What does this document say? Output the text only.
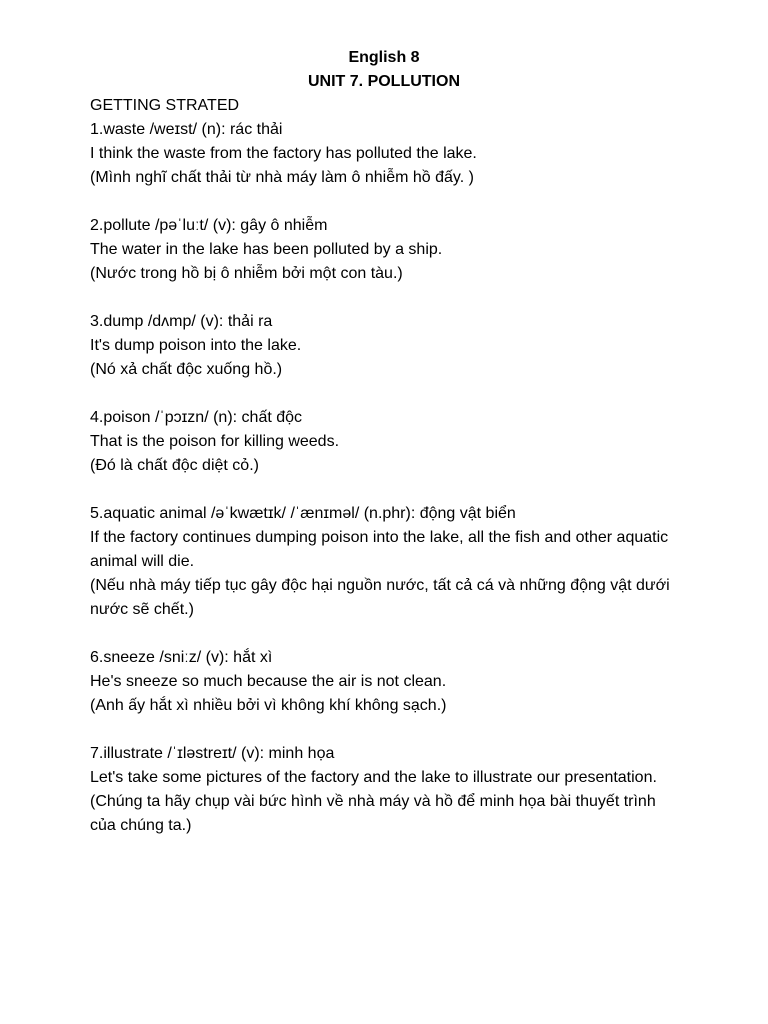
English 8
UNIT 7. POLLUTION
GETTING STRATED
1.waste /weɪst/ (n): rác thải
I think the waste from the factory has polluted the lake.
(Mình nghĩ chất thải từ nhà máy làm ô nhiễm hồ đấy. )
2.pollute /pəˈluːt/ (v): gây ô nhiễm
The water in the lake has been polluted by a ship.
(Nước trong hồ bị ô nhiễm bởi một con tàu.)
3.dump /dʌmp/ (v): thải ra
It's dump poison into the lake.
(Nó xả chất độc xuống hồ.)
4.poison /ˈpɔɪzn/ (n): chất độc
That is the poison for killing weeds.
(Đó là chất độc diệt cỏ.)
5.aquatic animal /əˈkwætɪk/ /ˈænɪməl/ (n.phr): động vật biển
If the factory continues dumping poison into the lake, all the fish and other aquatic animal will die.
(Nếu nhà máy tiếp tục gây độc hại nguồn nước, tất cả cá và những động vật dưới nước sẽ chết.)
6.sneeze /sniːz/ (v): hắt xì
He's sneeze so much because the air is not clean.
(Anh ấy hắt xì nhiều bởi vì không khí không sạch.)
7.illustrate /ˈɪləstreɪt/ (v): minh họa
Let's take some pictures of the factory and the lake to illustrate our presentation.
(Chúng ta hãy chụp vài bức hình về nhà máy và hồ để minh họa bài thuyết trình của chúng ta.)
